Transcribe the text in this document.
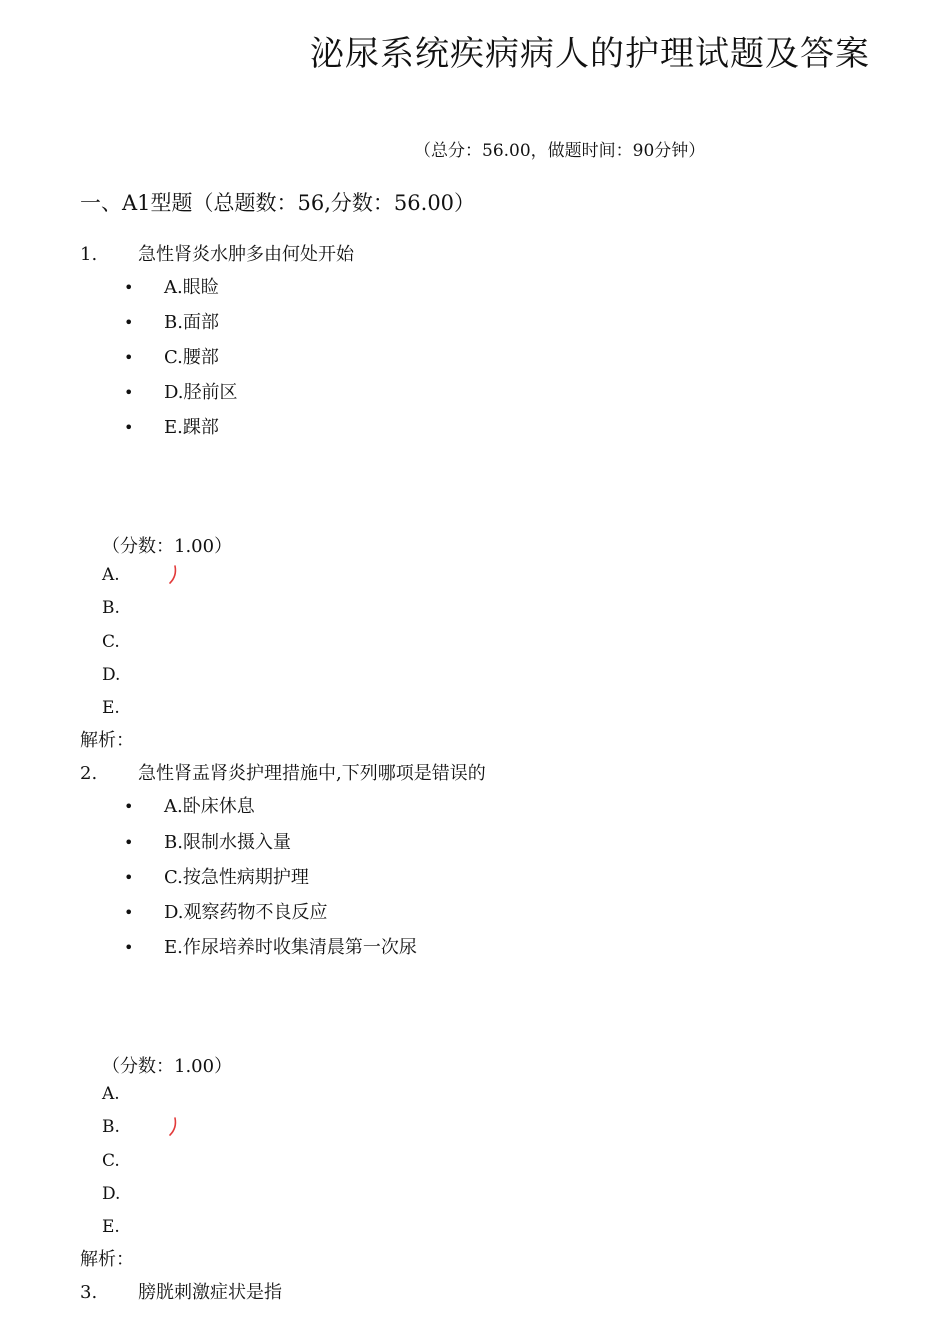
泌尿系统疾病病人的护理试题及答案
（总分：56.00，做题时间：90分钟）
一、A1型题（总题数：56,分数：56.00）
1. 急性肾炎水肿多由何处开始
• A.眼睑
• B.面部
• C.腰部
• D.胫前区
• E.踝部
（分数：1.00）
A.
B.
C.
D.
E.
解析：
2. 急性肾盂肾炎护理措施中,下列哪项是错误的
• A.卧床休息
• B.限制水摄入量
• C.按急性病期护理
• D.观察药物不良反应
• E.作尿培养时收集清晨第一次尿
（分数：1.00）
A.
B.
C.
D.
E.
解析：
3. 膀胱刺激症状是指
